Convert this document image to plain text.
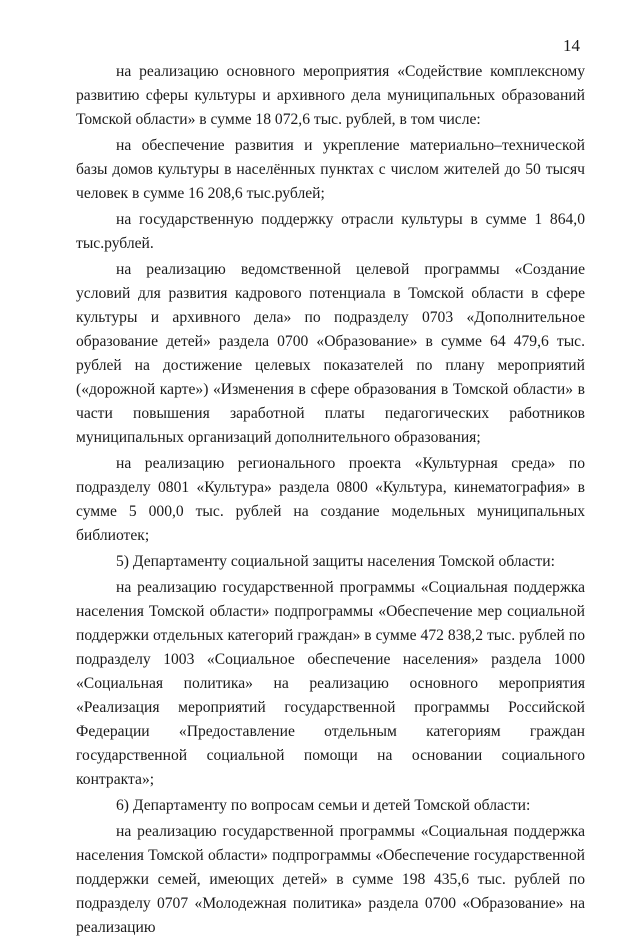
14

на реализацию основного мероприятия «Содействие комплексному развитию сферы культуры и архивного дела муниципальных образований Томской области» в сумме 18 072,6 тыс. рублей, в том числе:

на обеспечение развития и укрепление материально–технической базы домов культуры в населённых пунктах с числом жителей до 50 тысяч человек в сумме 16 208,6 тыс.рублей;

на государственную поддержку отрасли культуры в сумме 1 864,0 тыс.рублей.

на реализацию ведомственной целевой программы «Создание условий для развития кадрового потенциала в Томской области в сфере культуры и архивного дела» по подразделу 0703 «Дополнительное образование детей» раздела 0700 «Образование» в сумме 64 479,6 тыс. рублей на достижение целевых показателей по плану мероприятий («дорожной карте») «Изменения в сфере образования в Томской области» в части повышения заработной платы педагогических работников муниципальных организаций дополнительного образования;

на реализацию регионального проекта «Культурная среда» по подразделу 0801 «Культура» раздела 0800 «Культура, кинематография» в сумме 5 000,0 тыс. рублей на создание модельных муниципальных библиотек;

5) Департаменту социальной защиты населения Томской области:

на реализацию государственной программы «Социальная поддержка населения Томской области» подпрограммы «Обеспечение мер социальной поддержки отдельных категорий граждан» в сумме 472 838,2 тыс. рублей по подразделу 1003 «Социальное обеспечение населения» раздела 1000 «Социальная политика» на реализацию основного мероприятия «Реализация мероприятий государственной программы Российской Федерации «Предоставление отдельным категориям граждан государственной социальной помощи на основании социального контракта»;

6) Департаменту по вопросам семьи и детей Томской области:

на реализацию государственной программы «Социальная поддержка населения Томской области» подпрограммы «Обеспечение государственной поддержки семей, имеющих детей» в сумме 198 435,6 тыс. рублей по подразделу 0707 «Молодежная политика» раздела 0700 «Образование» на реализацию
